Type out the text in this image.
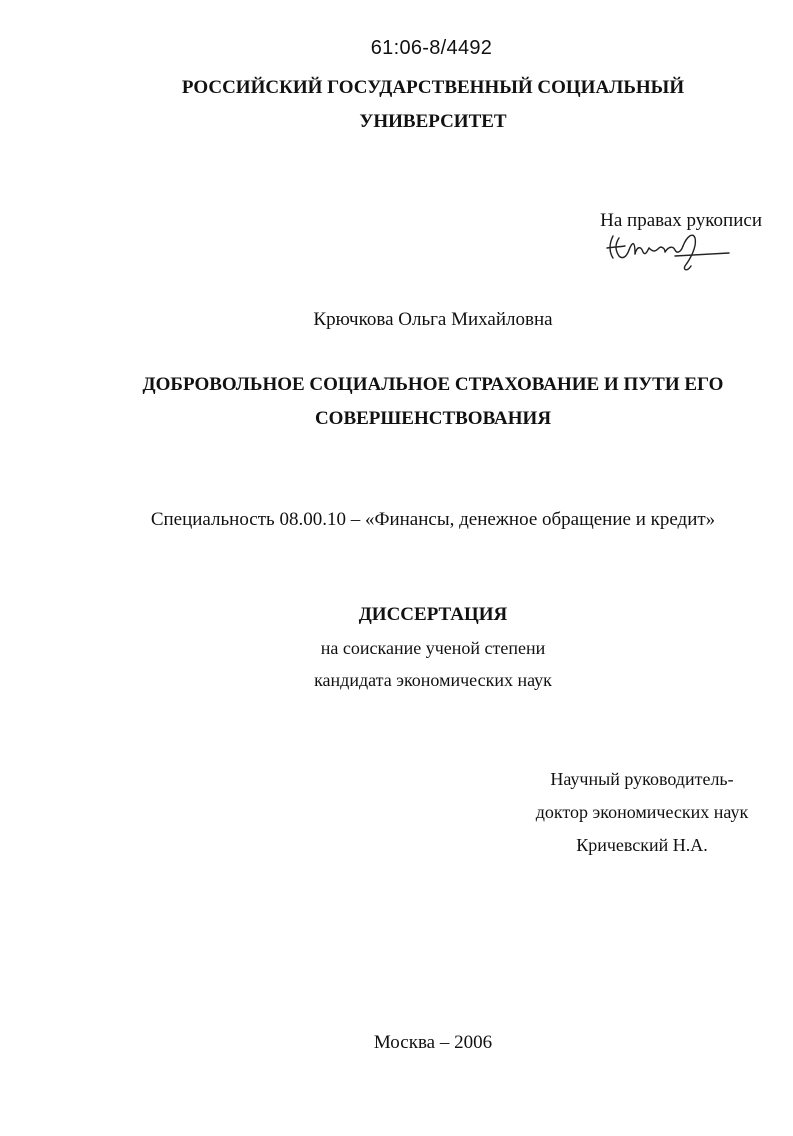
61:06-8/4492
РОССИЙСКИЙ ГОСУДАРСТВЕННЫЙ СОЦИАЛЬНЫЙ
УНИВЕРСИТЕТ
На правах рукописи
Крючкова Ольга Михайловна
ДОБРОВОЛЬНОЕ СОЦИАЛЬНОЕ СТРАХОВАНИЕ И ПУТИ ЕГО
СОВЕРШЕНСТВОВАНИЯ
Специальность 08.00.10 – «Финансы, денежное обращение и кредит»
ДИССЕРТАЦИЯ
на соискание ученой степени
кандидата экономических наук
Научный руководитель-
доктор экономических наук
Кричевский Н.А.
Москва – 2006
